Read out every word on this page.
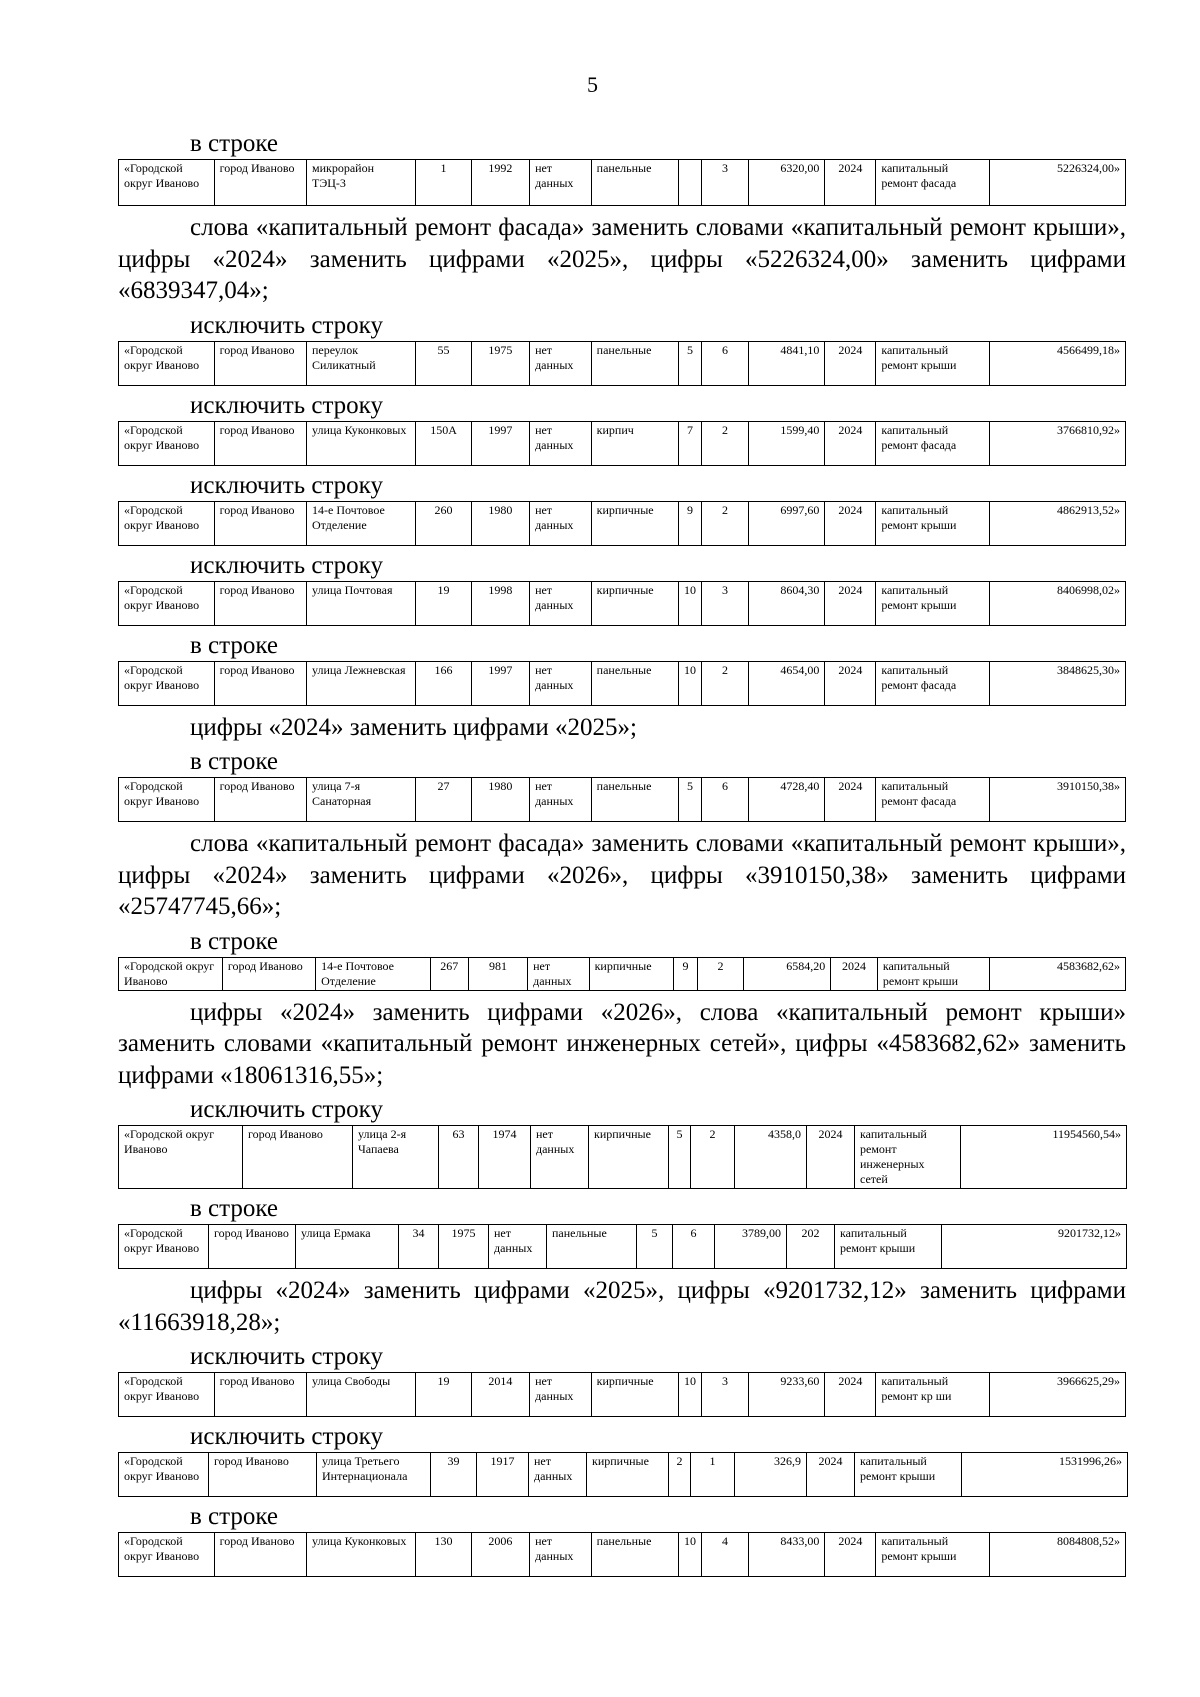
5
в строке
«Городской округ Иваново	город Иваново	микрорайон ТЭЦ-3	1	1992	нет данных	панельные		3	6320,00	2024	капитальный ремонт фасада	5226324,00»
слова «капитальный ремонт фасада» заменить словами «капитальный ремонт крыши», цифры «2024» заменить цифрами «2025», цифры «5226324,00» заменить цифрами «6839347,04»;
исключить строку
«Городской округ Иваново	город Иваново	переулок Силикатный	55	1975	нет данных	панельные	5	6	4841,10	2024	капитальный ремонт крыши	4566499,18»
исключить строку
«Городской округ Иваново	город Иваново	улица Куконковых	150А	1997	нет данных	кирпич	7	2	1599,40	2024	капитальный ремонт фасада	3766810,92»
исключить строку
«Городской округ Иваново	город Иваново	14-е Почтовое Отделение	260	1980	нет данных	кирпичные	9	2	6997,60	2024	капитальный ремонт крыши	4862913,52»
исключить строку
«Городской округ Иваново	город Иваново	улица Почтовая	19	1998	нет данных	кирпичные	10	3	8604,30	2024	капитальный ремонт крыши	8406998,02»
в строке
«Городской округ Иваново	город Иваново	улица Лежневская	166	1997	нет данных	панельные	10	2	4654,00	2024	капитальный ремонт фасада	3848625,30»
цифры «2024» заменить цифрами «2025»;
в строке
«Городской округ Иваново	город Иваново	улица 7-я Санаторная	27	1980	нет данных	панельные	5	6	4728,40	2024	капитальный ремонт фасада	3910150,38»
слова «капитальный ремонт фасада» заменить словами «капитальный ремонт крыши», цифры «2024» заменить цифрами «2026», цифры «3910150,38» заменить цифрами «25747745,66»;
в строке
«Городской округ Иваново	город Иваново	14-е Почтовое Отделение	267	981	нет данных	кирпичные	9	2	6584,20	2024	капитальный ремонт крыши	4583682,62»
цифры «2024» заменить цифрами «2026», слова «капитальный ремонт крыши» заменить словами «капитальный ремонт инженерных сетей», цифры «4583682,62» заменить цифрами «18061316,55»;
исключить строку
«Городской округ Иваново	город Иваново	улица 2-я Чапаева	63	1974	нет данных	кирпичные	5	2	4358,0	2024	капитальный ремонт инженерных сетей	11954560,54»
в строке
«Городской округ Иваново	город Иваново	улица Ермака	34	1975	нет данных	панельные	5	6	3789,00	202	капитальный ремонт крыши	9201732,12»
цифры «2024» заменить цифрами «2025», цифры «9201732,12» заменить цифрами «11663918,28»;
исключить строку
«Городской округ Иваново	город Иваново	улица Свободы	19	2014	нет данных	кирпичные	10	3	9233,60	2024	капитальный ремонт кр ши	3966625,29»
исключить строку
«Городской округ Иваново	город Иваново	улица Третьего Интернационала	39	1917	нет данных	кирпичные	2	1	326,9	2024	капитальный ремонт крыши	1531996,26»
в строке
«Городской округ Иваново	город Иваново	улица Куконковых	130	2006	нет данных	панельные	10	4	8433,00	2024	капитальный ремонт крыши	8084808,52»
